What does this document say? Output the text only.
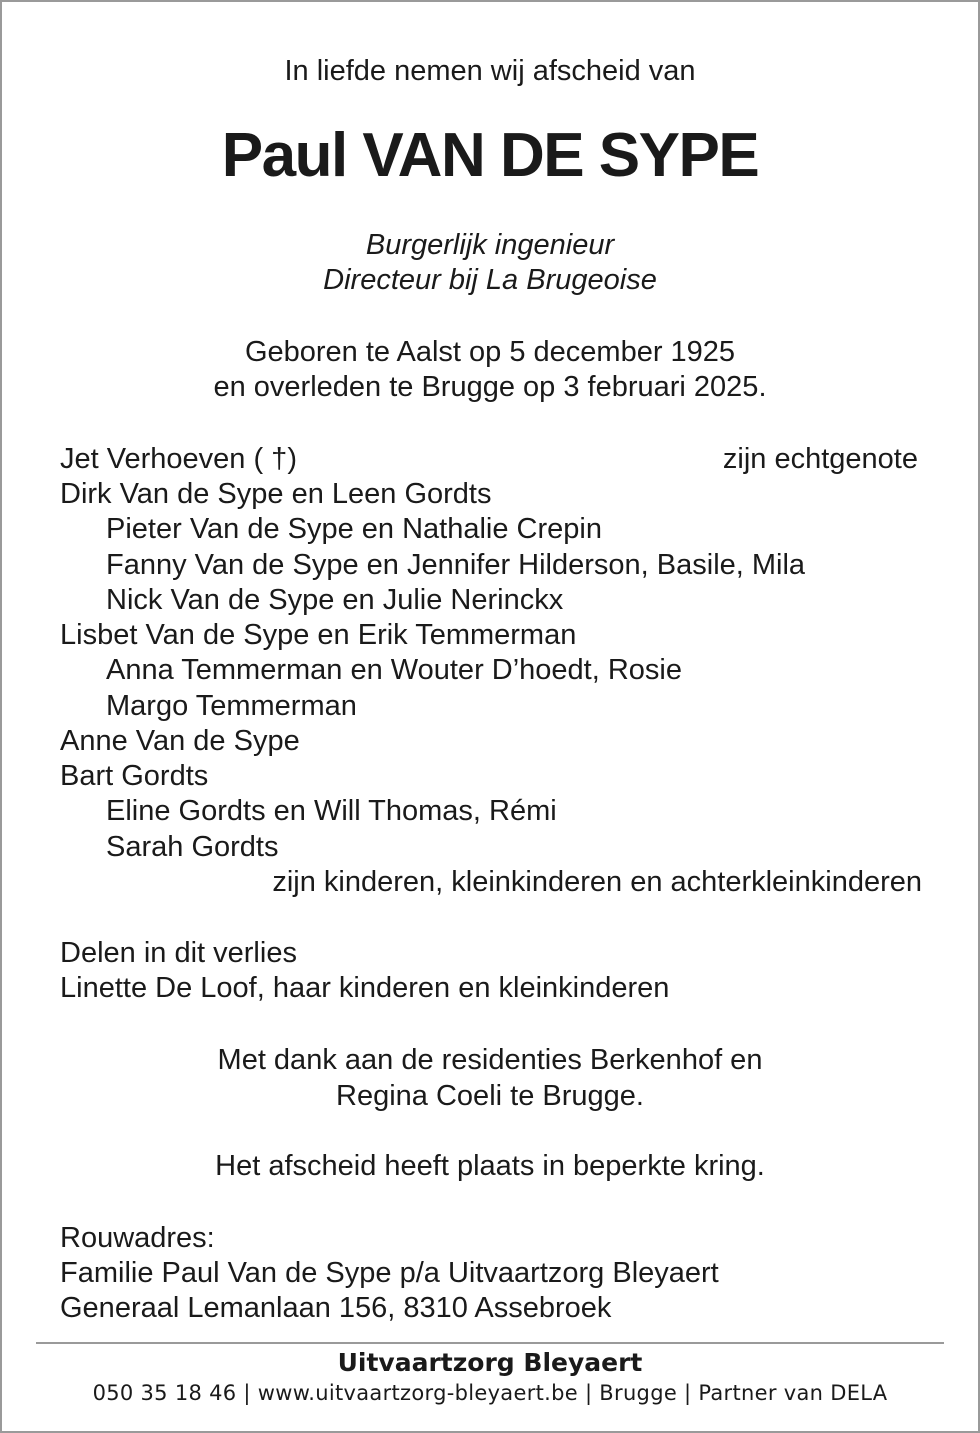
In liefde nemen wij afscheid van
Paul VAN DE SYPE
Burgerlijk ingenieur
Directeur bij La Brugeoise
Geboren te Aalst op 5 december 1925
en overleden te Brugge op 3 februari 2025.
Jet Verhoeven ( †)	zijn echtgenote
Dirk Van de Sype en Leen Gordts
Pieter Van de Sype en Nathalie Crepin
Fanny Van de Sype en Jennifer Hilderson, Basile, Mila
Nick Van de Sype en Julie Nerinckx
Lisbet Van de Sype en Erik Temmerman
Anna Temmerman en Wouter D’hoedt, Rosie
Margo Temmerman
Anne Van de Sype
Bart Gordts
Eline Gordts en Will Thomas, Rémi
Sarah Gordts
zijn kinderen, kleinkinderen en achterkleinkinderen
Delen in dit verlies
Linette De Loof, haar kinderen en kleinkinderen
Met dank aan de residenties Berkenhof en
Regina Coeli te Brugge.
Het afscheid heeft plaats in beperkte kring.
Rouwadres:
Familie Paul Van de Sype p/a Uitvaartzorg Bleyaert
Generaal Lemanlaan 156, 8310 Assebroek
Uitvaartzorg Bleyaert
050 35 18 46 | www.uitvaartzorg-bleyaert.be | Brugge | Partner van DELA
